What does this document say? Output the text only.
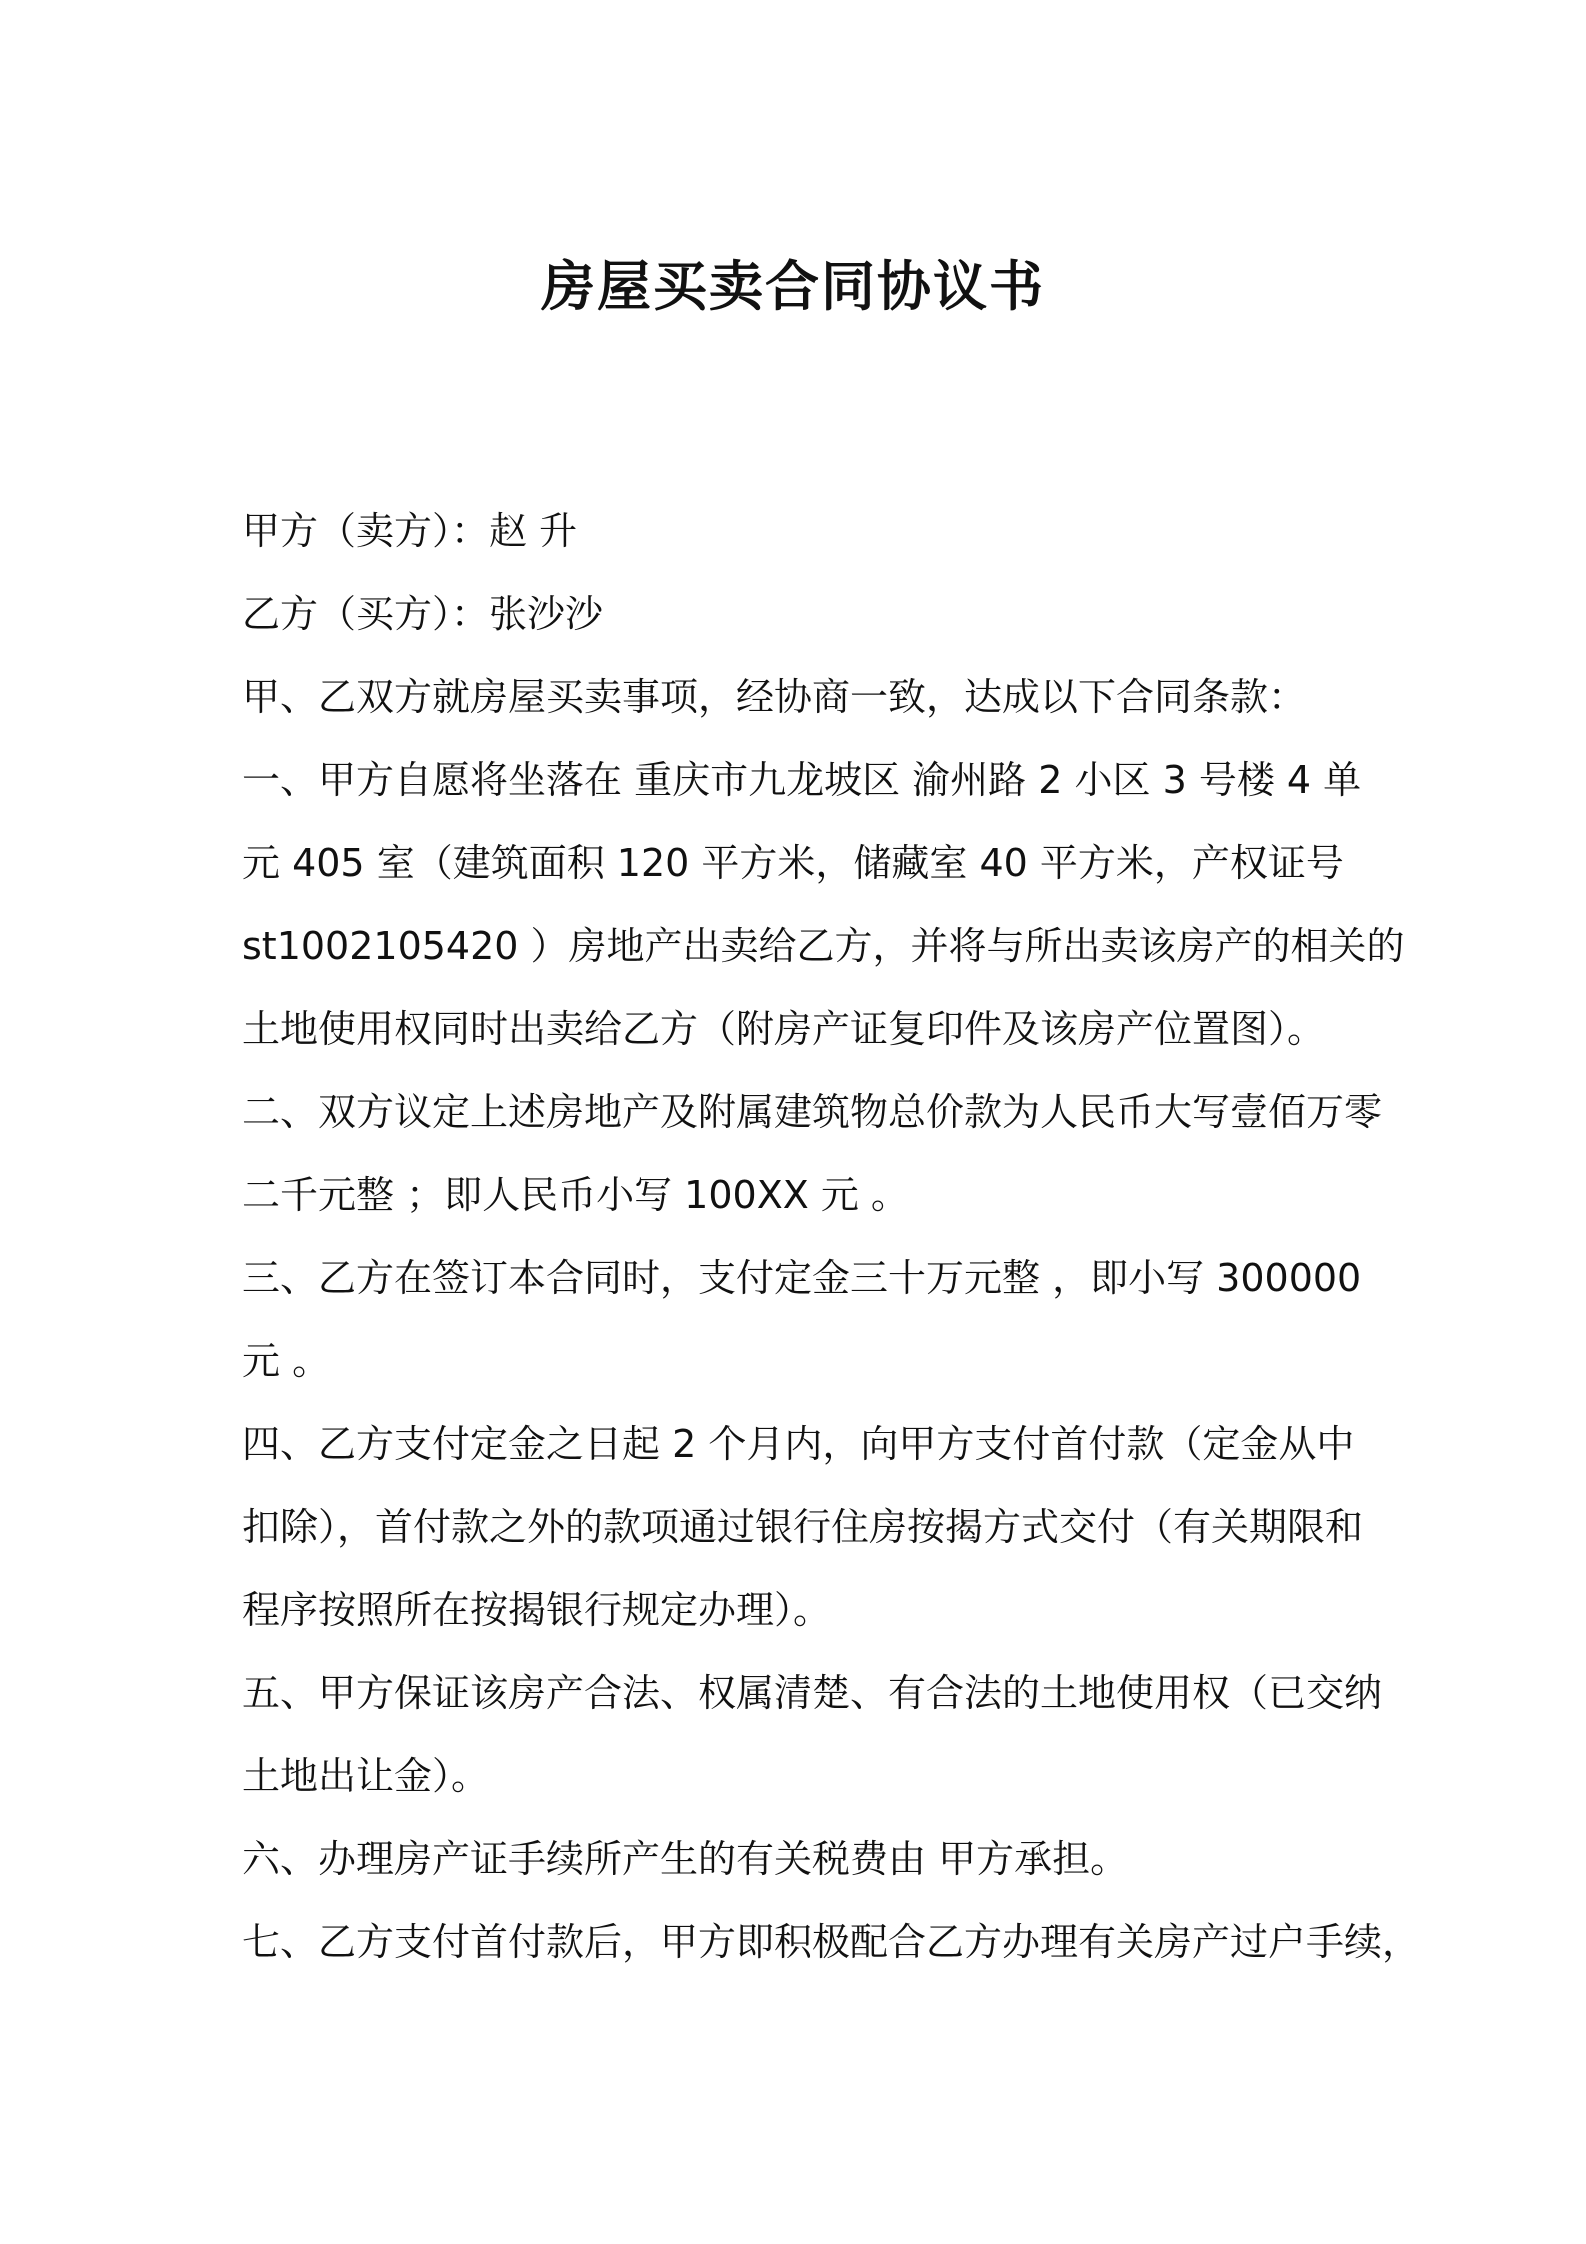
房屋买卖合同协议书
甲方（卖方）：赵 升
乙方（买方）：张沙沙
甲、乙双方就房屋买卖事项，经协商一致，达成以下合同条款：
一、甲方自愿将坐落在 重庆市九龙坡区 渝州路 2 小区 3 号楼 4 单
元 405 室（建筑面积 120 平方米，储藏室 40 平方米，产权证号
st1002105420 ）房地产出卖给乙方，并将与所出卖该房产的相关的
土地使用权同时出卖给乙方（附房产证复印件及该房产位置图）。
二、双方议定上述房地产及附属建筑物总价款为人民币大写壹佰万零
二千元整 ；即人民币小写 100XX 元 。
三、乙方在签订本合同时，支付定金三十万元整 ，即小写 300000
元 。
四、乙方支付定金之日起 2 个月内，向甲方支付首付款（定金从中
扣除），首付款之外的款项通过银行住房按揭方式交付（有关期限和
程序按照所在按揭银行规定办理）。
五、甲方保证该房产合法、权属清楚、有合法的土地使用权（已交纳
土地出让金）。
六、办理房产证手续所产生的有关税费由 甲方承担。
七、乙方支付首付款后，甲方即积极配合乙方办理有关房产过户手续，
